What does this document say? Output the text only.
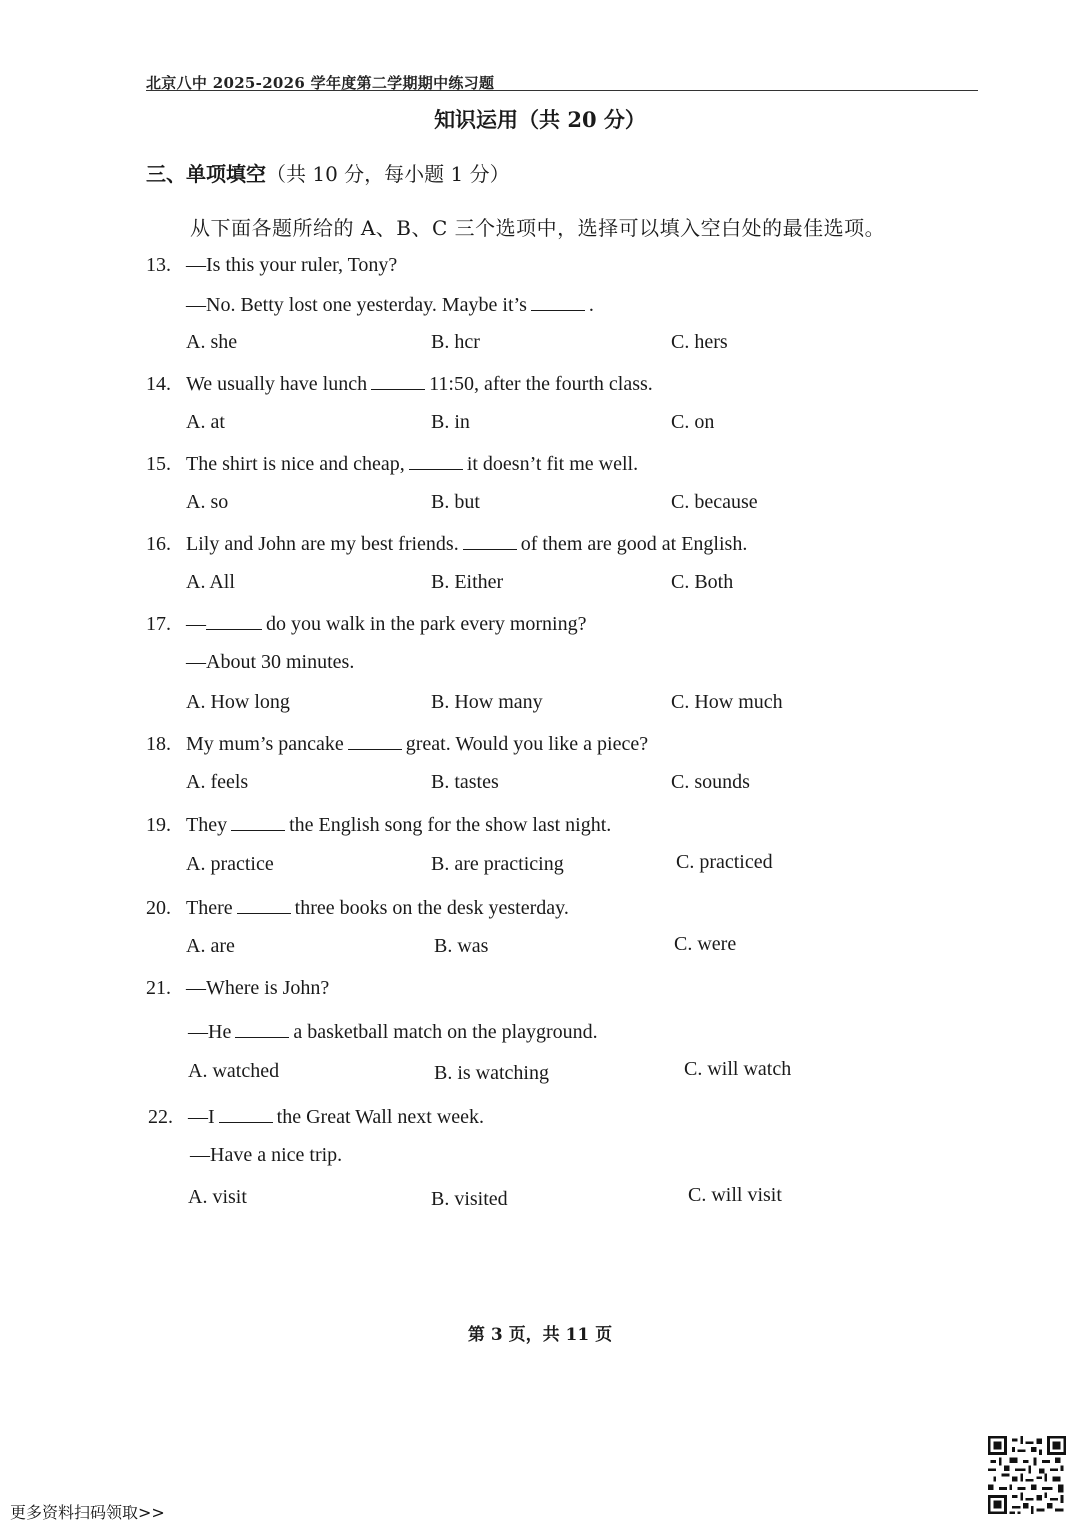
北京八中 2025-2026 学年度第二学期期中练习题
知识运用（共 20 分）
三、单项填空（共 10 分，每小题 1 分）
从下面各题所给的 A、B、C 三个选项中，选择可以填入空白处的最佳选项。
13. —Is this your ruler, Tony?
—No. Betty lost one yesterday. Maybe it’s	.
A. she	B. hcr	C. hers
14. We usually have lunch	11:50, after the fourth class.
A. at	B. in	C. on
15. The shirt is nice and cheap,	it doesn’t fit me well.
A. so	B. but	C. because
16. Lily and John are my best friends.	of them are good at English.
A. All	B. Either	C. Both
17. —	do you walk in the park every morning?
—About 30 minutes.
A. How long	B. How many	C. How much
18. My mum’s pancake	great. Would you like a piece?
A. feels	B. tastes	C. sounds
19. They	the English song for the show last night.
A. practice	B. are practicing	C. practiced
20. There	three books on the desk yesterday.
A. are	B. was	C. were
21. —Where is John?
—He	a basketball match on the playground.
A. watched	B. is watching	C. will watch
22. —I	the Great Wall next week.
—Have a nice trip.
A. visit	B. visited	C. will visit
第 3 页，共 11 页
更多资料扫码领取>>
